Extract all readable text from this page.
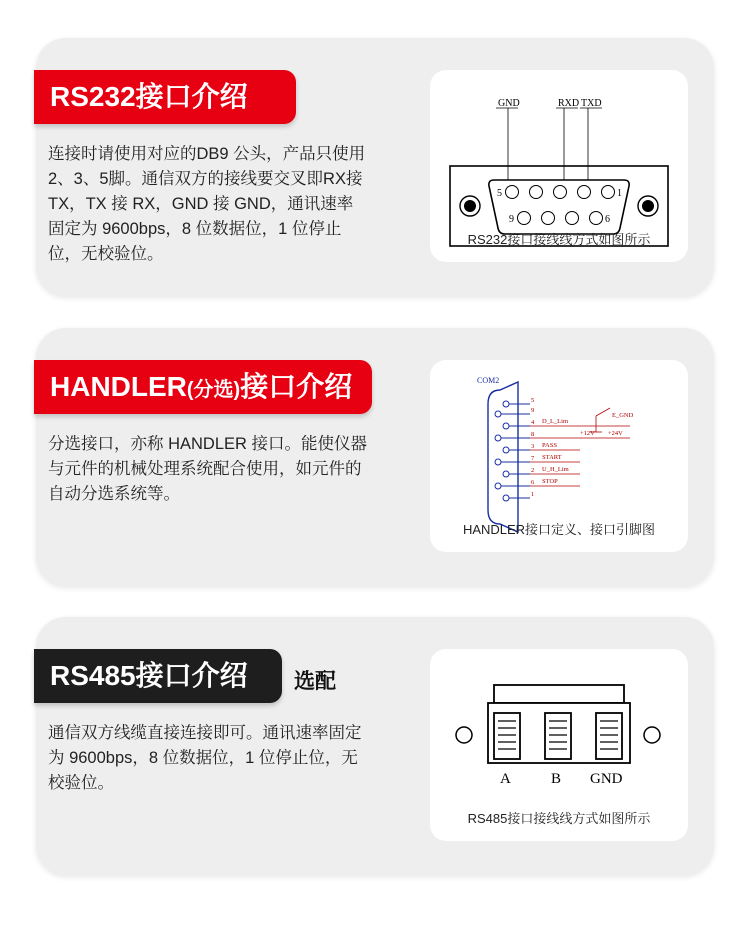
RS232接口介绍
连接时请使用对应的DB9 公头，产品只使用2、3、5脚。通信双方的接线要交叉即RX接TX，TX 接 RX，GND 接 GND，通讯速率固定为 9600bps，8 位数据位，1 位停止位，无校验位。
GND	RXD TXD
5	1
9	6
RS232接口接线线方式如图所示
HANDLER(分选)接口介绍
分选接口，亦称 HANDLER 接口。能使仪器与元件的机械处理系统配合使用，如元件的自动分选系统等。
COM2
5
9
4
8
3
7
2
6
1
D_L_Lim
PASS
START
U_H_Lim
STOP
E_GND
+12V +24V
HANDLER接口定义、接口引脚图
RS485接口介绍	选配
通信双方线缆直接连接即可。通讯速率固定为 9600bps，8 位数据位，1 位停止位，无校验位。	A	B GND
RS485接口接线线方式如图所示
